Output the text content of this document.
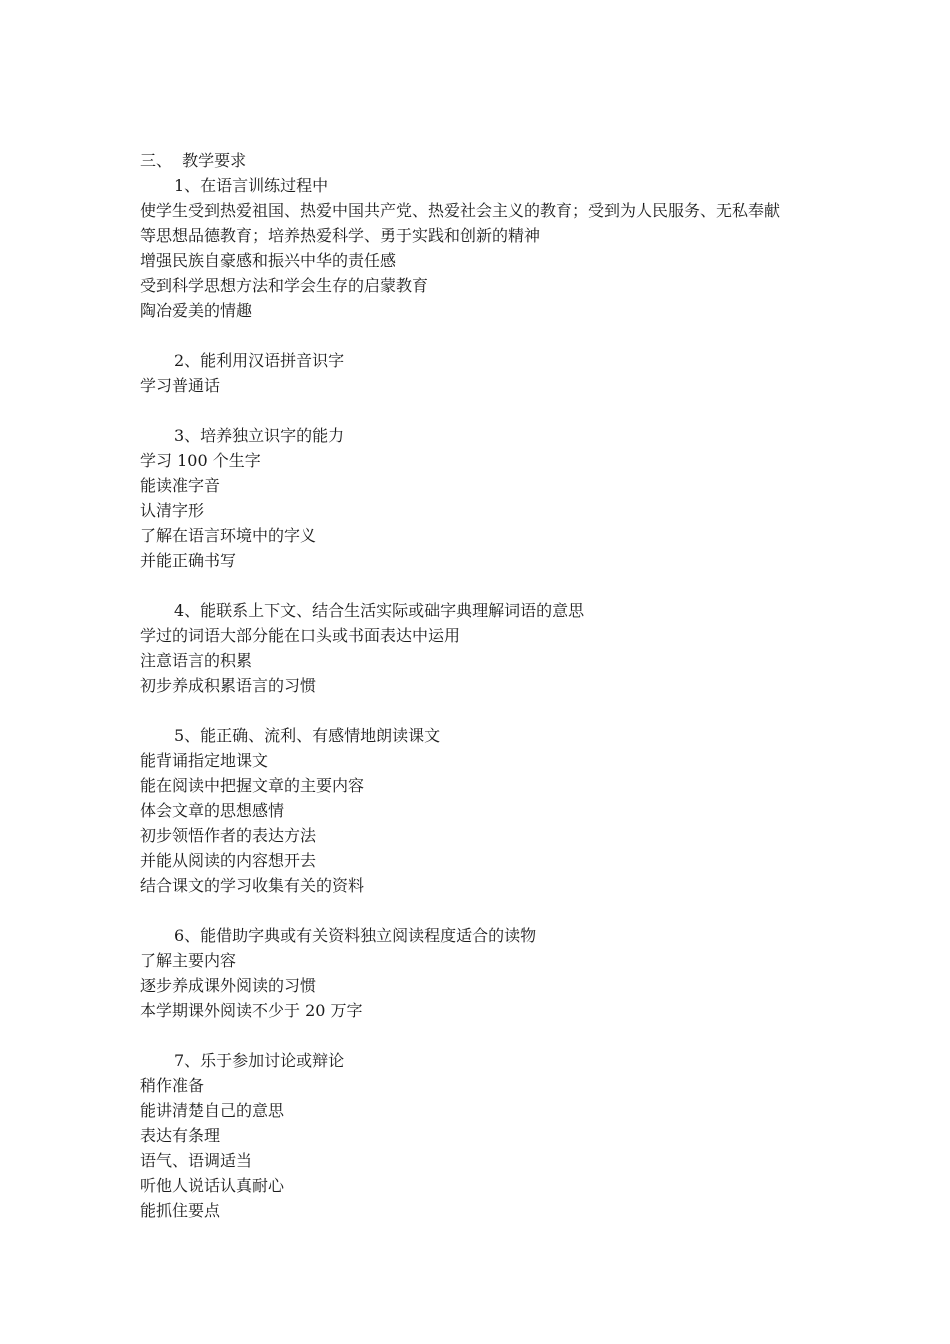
三、  教学要求
1、在语言训练过程中
使学生受到热爱祖国、热爱中国共产党、热爱社会主义的教育；受到为人民服务、无私奉献
等思想品德教育；培养热爱科学、勇于实践和创新的精神
增强民族自豪感和振兴中华的责任感
受到科学思想方法和学会生存的启蒙教育
陶冶爱美的情趣
2、能利用汉语拼音识字
学习普通话
3、培养独立识字的能力
学习 100 个生字
能读准字音
认清字形
了解在语言环境中的字义
并能正确书写
4、能联系上下文、结合生活实际或础字典理解词语的意思
学过的词语大部分能在口头或书面表达中运用
注意语言的积累
初步养成积累语言的习惯
5、能正确、流利、有感情地朗读课文
能背诵指定地课文
能在阅读中把握文章的主要内容
体会文章的思想感情
初步领悟作者的表达方法
并能从阅读的内容想开去
结合课文的学习收集有关的资料
6、能借助字典或有关资料独立阅读程度适合的读物
了解主要内容
逐步养成课外阅读的习惯
本学期课外阅读不少于 20 万字
7、乐于参加讨论或辩论
稍作准备
能讲清楚自己的意思
表达有条理
语气、语调适当
听他人说话认真耐心
能抓住要点
